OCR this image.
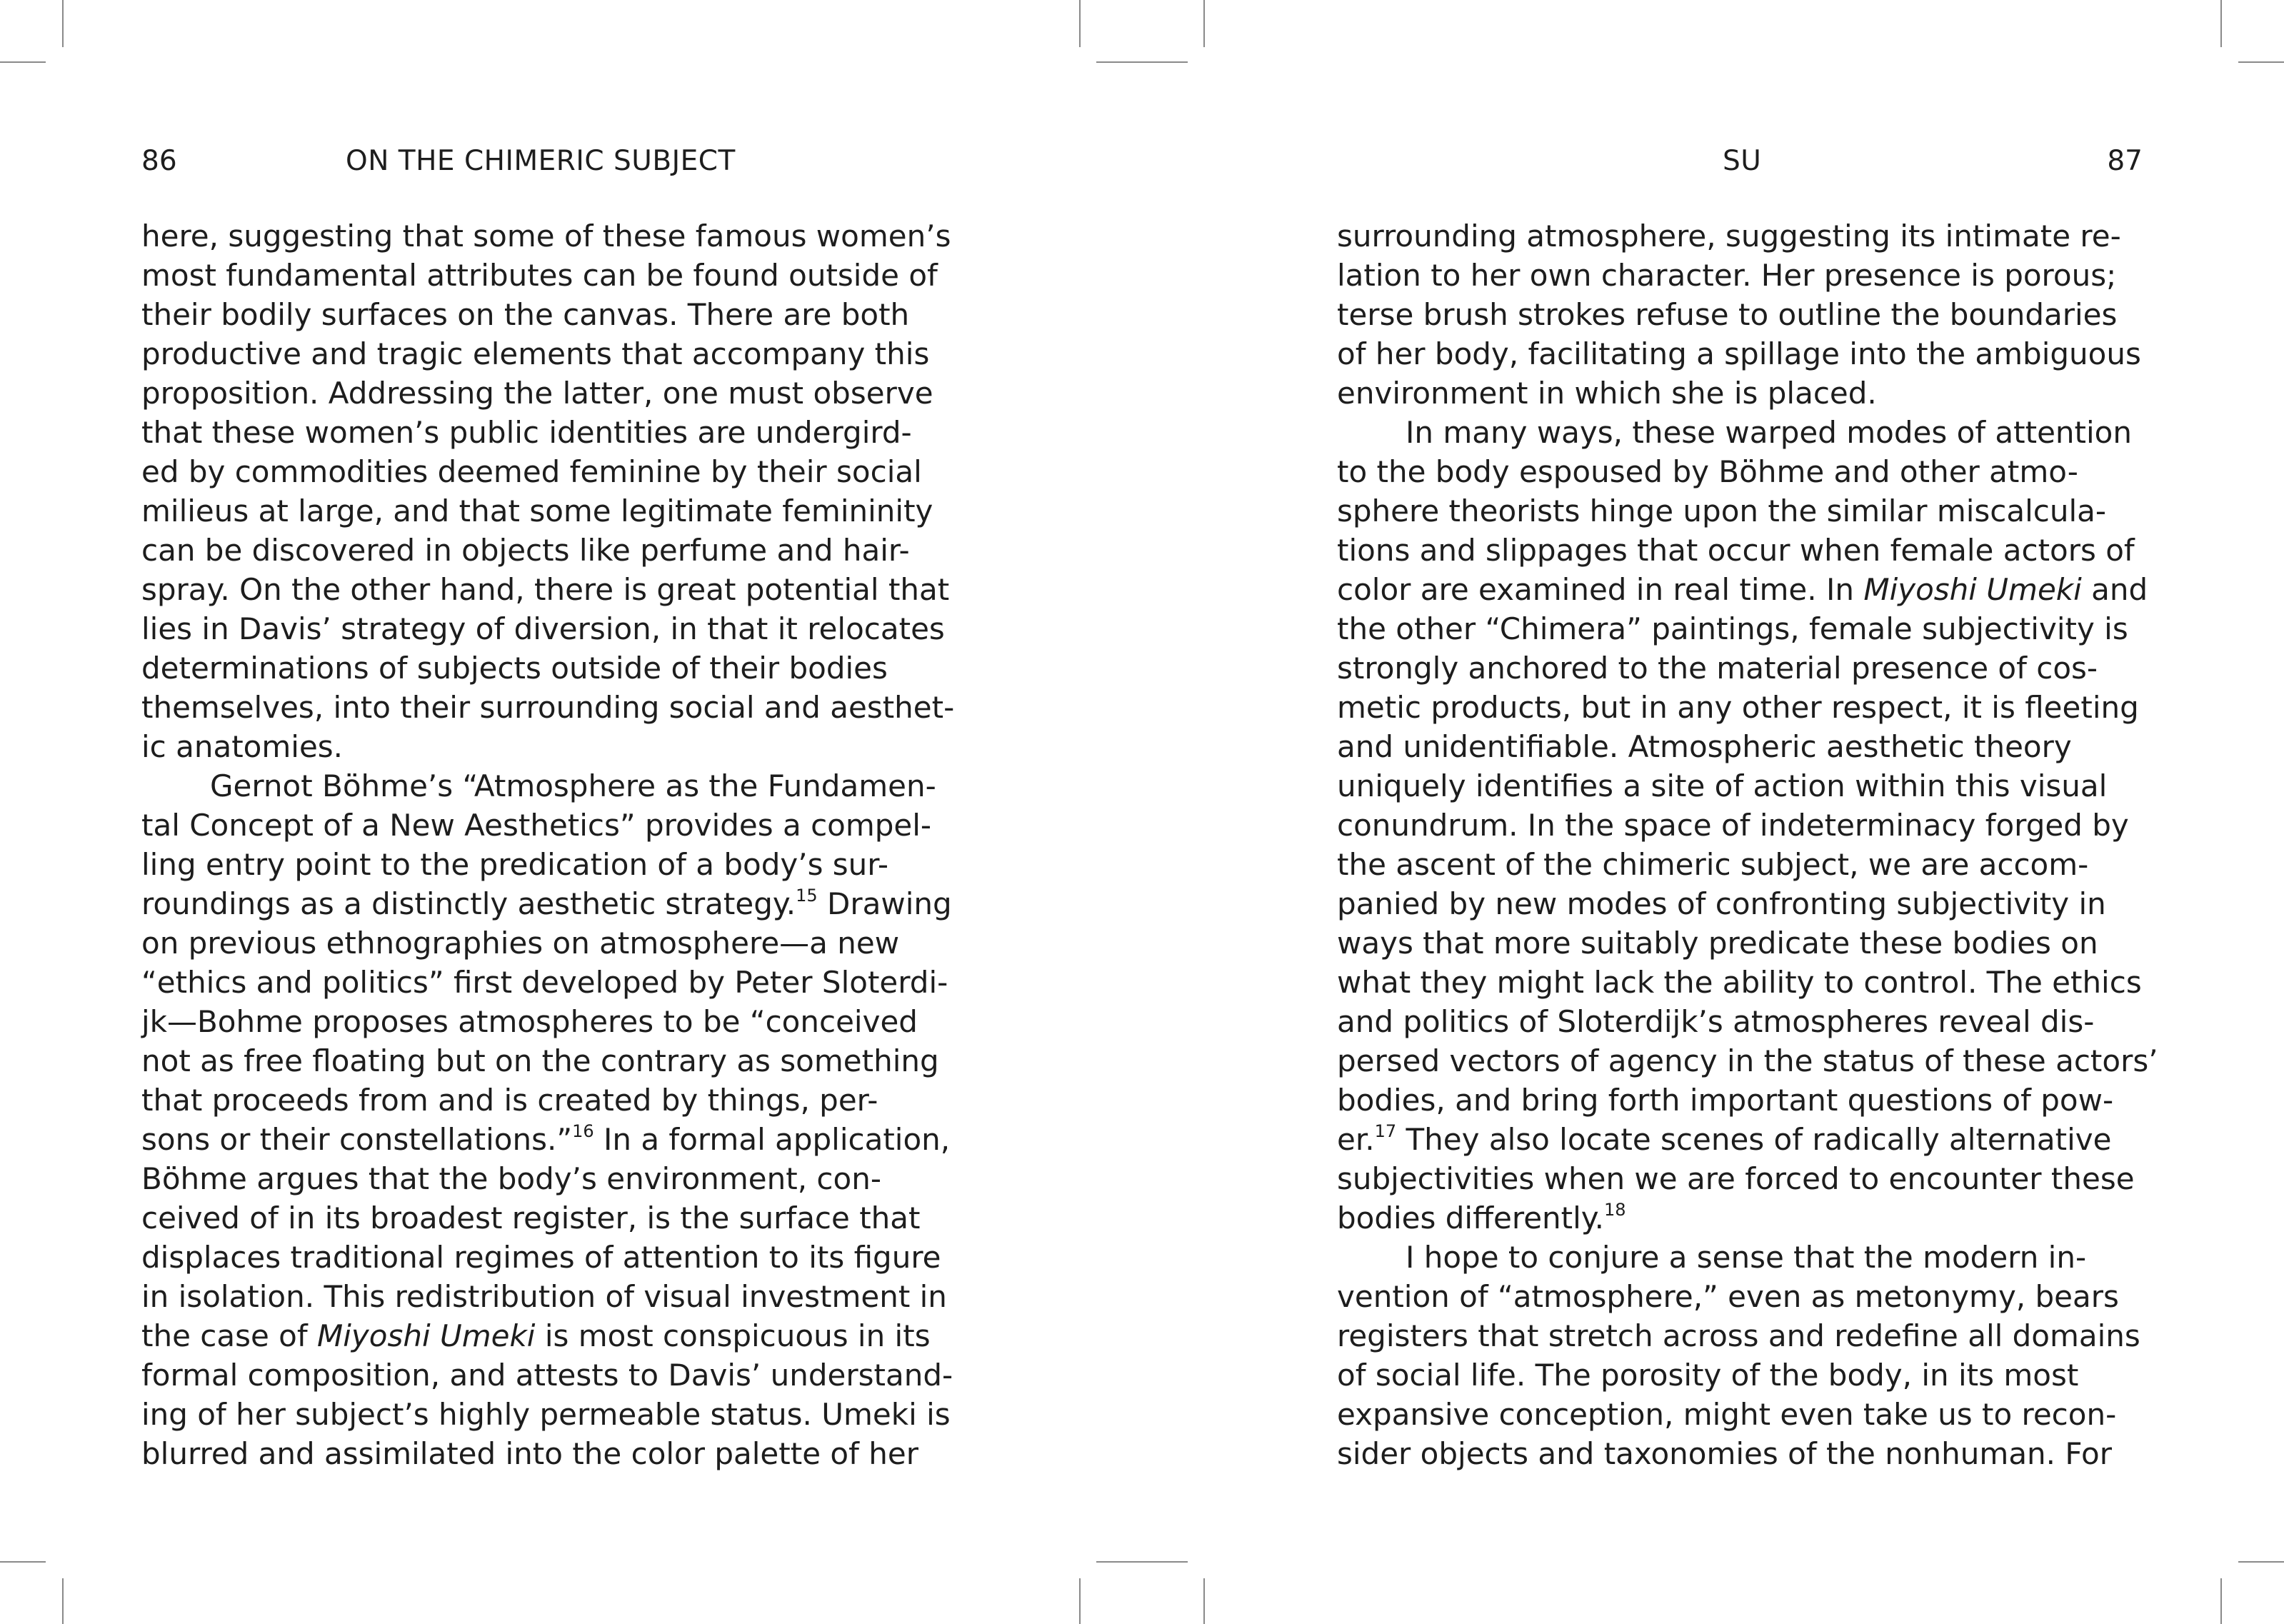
86	ON THE CHIMERIC SUBJECT
here, suggesting that some of these famous women’s
most fundamental attributes can be found outside of
their bodily surfaces on the canvas. There are both
productive and tragic elements that accompany this
proposition. Addressing the latter, one must observe
that these women’s public identities are undergird-
ed by commodities deemed feminine by their social
milieus at large, and that some legitimate femininity
can be discovered in objects like perfume and hair-
spray. On the other hand, there is great potential that
lies in Davis’ strategy of diversion, in that it relocates
determinations of subjects outside of their bodies
themselves, into their surrounding social and aesthet-
ic anatomies.
Gernot Böhme’s “Atmosphere as the Fundamen-
tal Concept of a New Aesthetics” provides a compel-
ling entry point to the predication of a body’s sur-
roundings as a distinctly aesthetic strategy.$^{15}$ Drawing
on previous ethnographies on atmosphere—a new
“ethics and politics” first developed by Peter Sloterdi-
jk—Bohme proposes atmospheres to be “conceived
not as free floating but on the contrary as something
that proceeds from and is created by things, per-
sons or their constellations.”$^{16}$ In a formal application,
Böhme argues that the body’s environment, con-
ceived of in its broadest register, is the surface that
displaces traditional regimes of attention to its figure
in isolation. This redistribution of visual investment in
the case of Miyoshi Umeki is most conspicuous in its
formal composition, and attests to Davis’ understand-
ing of her subject’s highly permeable status. Umeki is
blurred and assimilated into the color palette of her
SU	87
surrounding atmosphere, suggesting its intimate re-
lation to her own character. Her presence is porous;
terse brush strokes refuse to outline the boundaries
of her body, facilitating a spillage into the ambiguous
environment in which she is placed.
In many ways, these warped modes of attention
to the body espoused by Böhme and other atmo-
sphere theorists hinge upon the similar miscalcula-
tions and slippages that occur when female actors of
color are examined in real time. In Miyoshi Umeki and
the other “Chimera” paintings, female subjectivity is
strongly anchored to the material presence of cos-
metic products, but in any other respect, it is fleeting
and unidentifiable. Atmospheric aesthetic theory
uniquely identifies a site of action within this visual
conundrum. In the space of indeterminacy forged by
the ascent of the chimeric subject, we are accom-
panied by new modes of confronting subjectivity in
ways that more suitably predicate these bodies on
what they might lack the ability to control. The ethics
and politics of Sloterdijk’s atmospheres reveal dis-
persed vectors of agency in the status of these actors’
bodies, and bring forth important questions of pow-
er.$^{17}$ They also locate scenes of radically alternative
subjectivities when we are forced to encounter these
bodies differently.$^{18}$
I hope to conjure a sense that the modern in-
vention of “atmosphere,” even as metonymy, bears
registers that stretch across and redefine all domains
of social life. The porosity of the body, in its most
expansive conception, might even take us to recon-
sider objects and taxonomies of the nonhuman. For
